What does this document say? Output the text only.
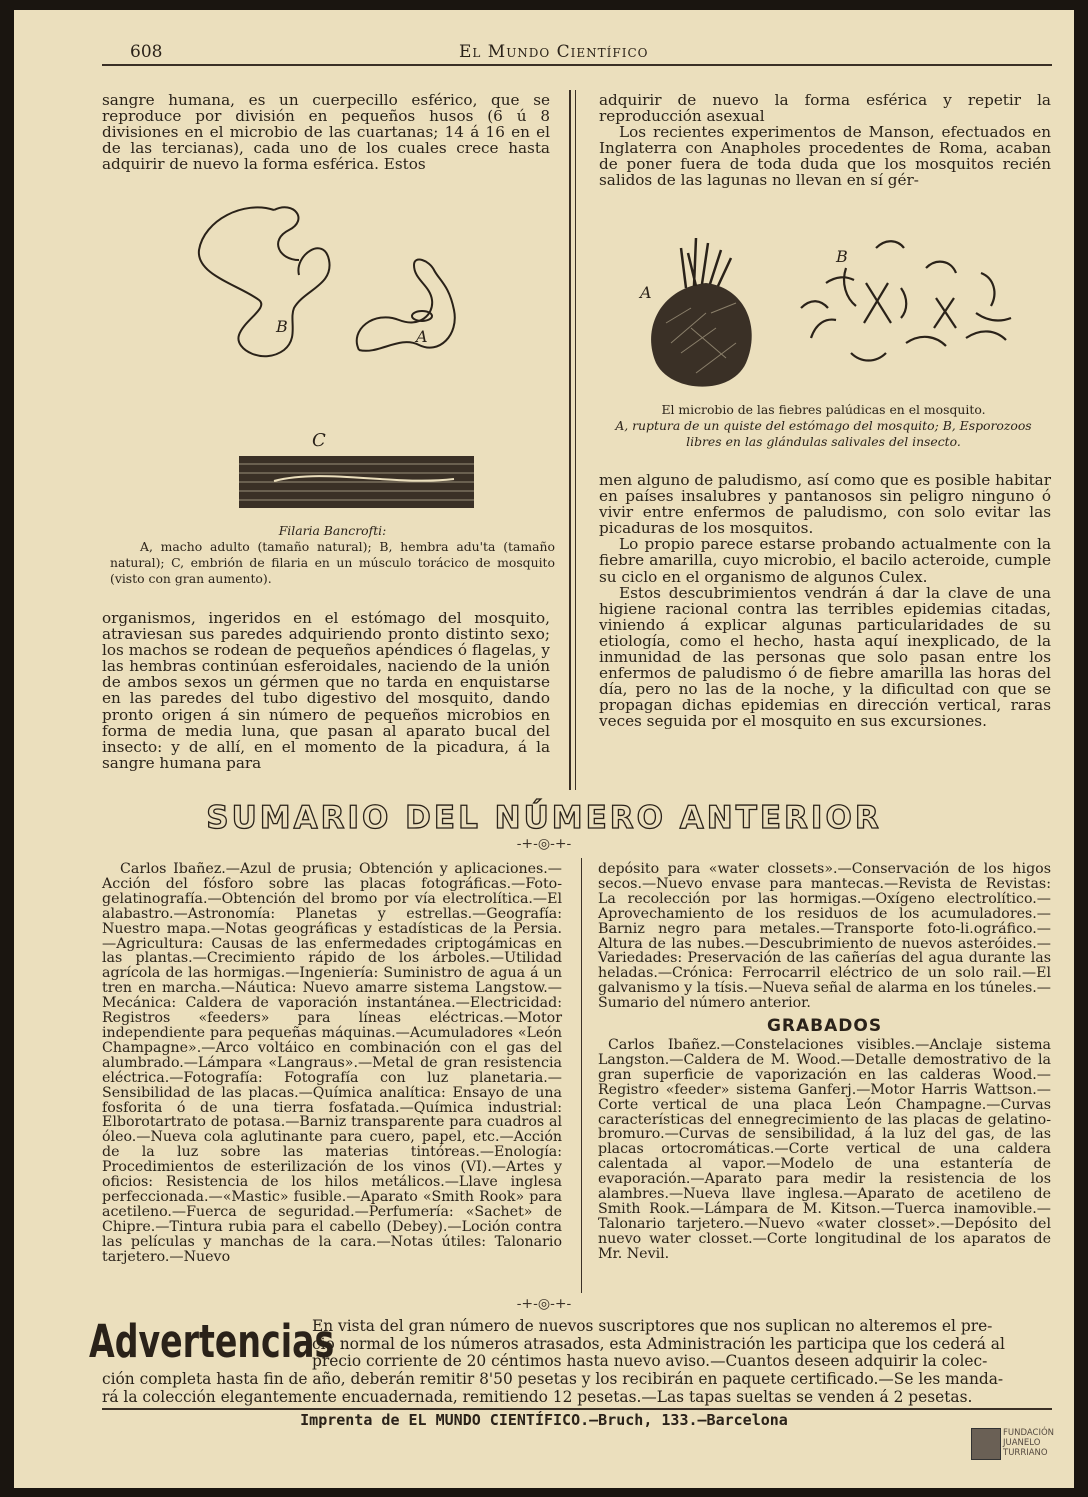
608	El Mundo Científico

sangre humana, es un cuerpecillo esférico, que se reproduce por división en pequeños husos (6 ú 8 divisiones en el microbio de las cuartanas; 14 á 16 en el de las tercianas), cada uno de los cuales crece hasta adquirir de nuevo la forma esférica. Estos

B
A
C
Filaria Bancrofti:
A, macho adulto (tamaño natural); B, hembra adu'ta (tamaño natural); C, embrión de filaria en un músculo torácico de mosquito (visto con gran aumento).

organismos, ingeridos en el estómago del mosquito, atraviesan sus paredes adquiriendo pronto distinto sexo; los machos se rodean de pequeños apéndices ó flagelas, y las hembras continúan esferoidales, naciendo de la unión de ambos sexos un gérmen que no tarda en enquistarse en las paredes del tubo digestivo del mosquito, dando pronto origen á sin número de pequeños microbios en forma de media luna, que pasan al aparato bucal del insecto: y de allí, en el momento de la picadura, á la sangre humana para

adquirir de nuevo la forma esférica y repetir la reproducción asexual

Los recientes experimentos de Manson, efectuados en Inglaterra con Anapholes procedentes de Roma, acaban de poner fuera de toda duda que los mosquitos recién salidos de las lagunas no llevan en sí gér-

A
B
El microbio de las fiebres palúdicas en el mosquito.
A, ruptura de un quiste del estómago del mosquito; B, Esporozoos libres en las glándulas salivales del insecto.

men alguno de paludismo, así como que es posible habitar en países insalubres y pantanosos sin peligro ninguno ó vivir entre enfermos de paludismo, con solo evitar las picaduras de los mosquitos.

Lo propio parece estarse probando actualmente con la fiebre amarilla, cuyo microbio, el bacilo acteroide, cumple su ciclo en el organismo de algunos Culex.

Estos descubrimientos vendrán á dar la clave de una higiene racional contra las terribles epidemias citadas, viniendo á explicar algunas particularidades de su etiología, como el hecho, hasta aquí inexplicado, de la inmunidad de las personas que solo pasan entre los enfermos de paludismo ó de fiebre amarilla las horas del día, pero no las de la noche, y la dificultad con que se propagan dichas epidemias en dirección vertical, raras veces seguida por el mosquito en sus excursiones.

SUMARIO DEL NÚMERO ANTERIOR
-+-◎-+-

Carlos Ibañez.—Azul de prusia; Obtención y aplicaciones.—Acción del fósforo sobre las placas fotográficas.—Foto-gelatinografía.—Obtención del bromo por vía electrolítica.—El alabastro.—Astronomía: Planetas y estrellas.—Geografía: Nuestro mapa.—Notas geográficas y estadísticas de la Persia.—Agricultura: Causas de las enfermedades criptogámicas en las plantas.—Crecimiento rápido de los árboles.—Utilidad agrícola de las hormigas.—Ingeniería: Suministro de agua á un tren en marcha.—Náutica: Nuevo amarre sistema Langstow.—Mecánica: Caldera de vaporación instantánea.—Electricidad: Registros «feeders» para líneas eléctricas.—Motor independiente para pequeñas máquinas.—Acumuladores «León Champagne».—Arco voltáico en combinación con el gas del alumbrado.—Lámpara «Langraus».—Metal de gran resistencia eléctrica.—Fotografía: Fotografía con luz planetaria.—Sensibilidad de las placas.—Química analítica: Ensayo de una fosforita ó de una tierra fosfatada.—Química industrial: Elborotartrato de potasa.—Barniz transparente para cuadros al óleo.—Nueva cola aglutinante para cuero, papel, etc.—Acción de la luz sobre las materias tintóreas.—Enología: Procedimientos de esterilización de los vinos (VI).—Artes y oficios: Resistencia de los hilos metálicos.—Llave inglesa perfeccionada.—«Mastic» fusible.—Aparato «Smith Rook» para acetileno.—Fuerca de seguridad.—Perfumería: «Sachet» de Chipre.—Tintura rubia para el cabello (Debey).—Loción contra las películas y manchas de la cara.—Notas útiles: Talonario tarjetero.—Nuevo

depósito para «water clossets».—Conservación de los higos secos.—Nuevo envase para mantecas.—Revista de Revistas: La recolección por las hormigas.—Oxígeno electrolítico.—Aprovechamiento de los residuos de los acumuladores.—Barniz negro para metales.—Transporte foto-li.ográfico.—Altura de las nubes.—Descubrimiento de nuevos asteróides.—Variedades: Preservación de las cañerías del agua durante las heladas.—Crónica: Ferrocarril eléctrico de un solo rail.—El galvanismo y la tísis.—Nueva señal de alarma en los túneles.—Sumario del número anterior.

GRABADOS

Carlos Ibañez.—Constelaciones visibles.—Anclaje sistema Langston.—Caldera de M. Wood.—Detalle demostrativo de la gran superficie de vaporización en las calderas Wood.—Registro «feeder» sistema Ganferj.—Motor Harris Wattson.—Corte vertical de una placa León Champagne.—Curvas características del ennegrecimiento de las placas de gelatino-bromuro.—Curvas de sensibilidad, á la luz del gas, de las placas ortocromáticas.—Corte vertical de una caldera calentada al vapor.—Modelo de una estantería de evaporación.—Aparato para medir la resistencia de los alambres.—Nueva llave inglesa.—Aparato de acetileno de Smith Rook.—Lámpara de M. Kitson.—Tuerca inamovible.—Talonario tarjetero.—Nuevo «water closset».—Depósito del nuevo water closset.—Corte longitudinal de los aparatos de Mr. Nevil.

-+-◎-+-
Advertencias
En vista del gran número de nuevos suscriptores que nos suplican no alteremos el pre-
cio normal de los números atrasados, esta Administración les participa que los cederá al
precio corriente de 20 céntimos hasta nuevo aviso.—Cuantos deseen adquirir la colec-
ción completa hasta fin de año, deberán remitir 8'50 pesetas y los recibirán en paquete certificado.—Se les manda-
rá la colección elegantemente encuadernada, remitiendo 12 pesetas.—Las tapas sueltas se venden á 2 pesetas.
Imprenta de EL MUNDO CIENTÍFICO.—Bruch, 133.—Barcelona
FUNDACIÓN
JUANELO
TURRIANO
